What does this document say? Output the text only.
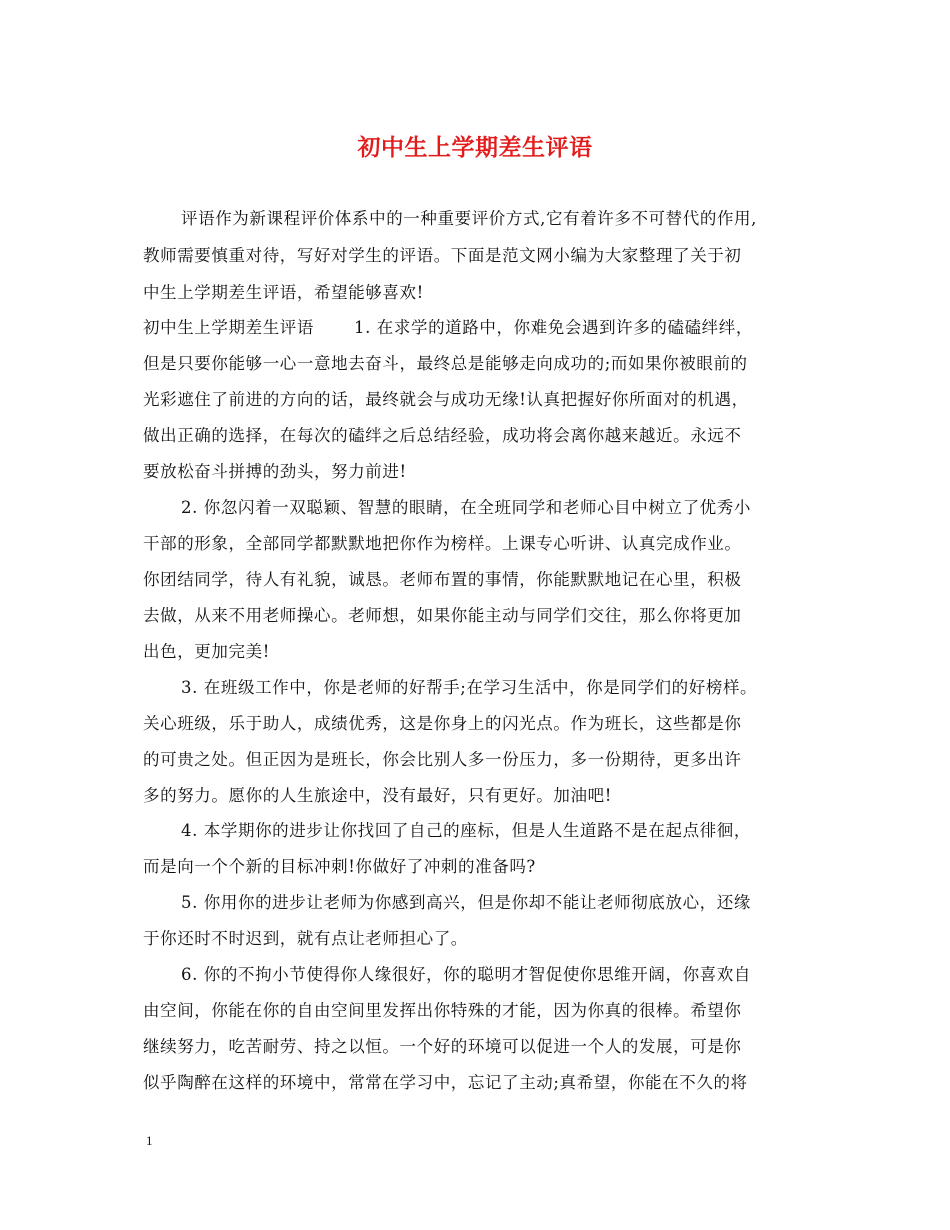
初中生上学期差生评语
评语作为新课程评价体系中的一种重要评价方式,它有着许多不可替代的作用,
教师需要慎重对待，写好对学生的评语。下面是范文网小编为大家整理了关于初
中生上学期差生评语，希望能够喜欢!
初中生上学期差生评语 1. 在求学的道路中，你难免会遇到许多的磕磕绊绊，
但是只要你能够一心一意地去奋斗，最终总是能够走向成功的;而如果你被眼前的
光彩遮住了前进的方向的话，最终就会与成功无缘!认真把握好你所面对的机遇，
做出正确的选择，在每次的磕绊之后总结经验，成功将会离你越来越近。永远不
要放松奋斗拼搏的劲头，努力前进!
2. 你忽闪着一双聪颖、智慧的眼睛，在全班同学和老师心目中树立了优秀小
干部的形象，全部同学都默默地把你作为榜样。上课专心听讲、认真完成作业。
你团结同学，待人有礼貌，诚恳。老师布置的事情，你能默默地记在心里，积极
去做，从来不用老师操心。老师想，如果你能主动与同学们交往，那么你将更加
出色，更加完美!
3. 在班级工作中，你是老师的好帮手;在学习生活中，你是同学们的好榜样。
关心班级，乐于助人，成绩优秀，这是你身上的闪光点。作为班长，这些都是你
的可贵之处。但正因为是班长，你会比别人多一份压力，多一份期待，更多出许
多的努力。愿你的人生旅途中，没有最好，只有更好。加油吧!
4. 本学期你的进步让你找回了自己的座标，但是人生道路不是在起点徘徊，
而是向一个个新的目标冲刺!你做好了冲刺的准备吗?
5. 你用你的进步让老师为你感到高兴，但是你却不能让老师彻底放心，还缘
于你还时不时迟到，就有点让老师担心了。
6. 你的不拘小节使得你人缘很好，你的聪明才智促使你思维开阔，你喜欢自
由空间，你能在你的自由空间里发挥出你特殊的才能，因为你真的很棒。希望你
继续努力，吃苦耐劳、持之以恒。一个好的环境可以促进一个人的发展，可是你
似乎陶醉在这样的环境中，常常在学习中，忘记了主动;真希望，你能在不久的将
1
